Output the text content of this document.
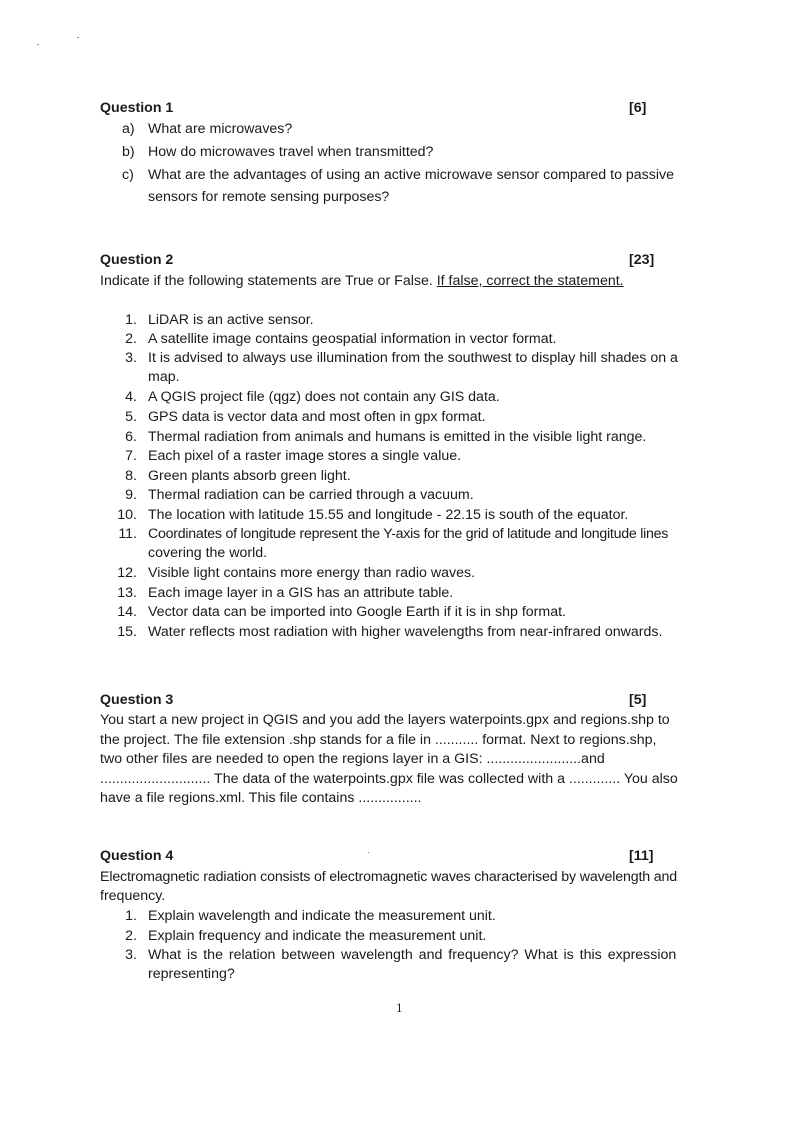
Question 1	[6]
a) What are microwaves?
b) How do microwaves travel when transmitted?
c) What are the advantages of using an active microwave sensor compared to passive
sensors for remote sensing purposes?
Question 2	[23]
Indicate if the following statements are True or False. If false, correct the statement.
1. LiDAR is an active sensor.
2. A satellite image contains geospatial information in vector format.
3. It is advised to always use illumination from the southwest to display hill shades on a
map.
4. A QGIS project file (qgz) does not contain any GIS data.
5. GPS data is vector data and most often in gpx format.
6. Thermal radiation from animals and humans is emitted in the visible light range.
7. Each pixel of a raster image stores a single value.
8. Green plants absorb green light.
9. Thermal radiation can be carried through a vacuum.
10. The location with latitude 15.55 and longitude - 22.15 is south of the equator.
11. Coordinates of longitude represent the Y-axis for the grid of latitude and longitude lines
covering the world.
12. Visible light contains more energy than radio waves.
13. Each image layer in a GIS has an attribute table.
14. Vector data can be imported into Google Earth if it is in shp format.
15. Water reflects most radiation with higher wavelengths from near-infrared onwards.
Question 3	[5]
You start a new project in QGIS and you add the layers waterpoints.gpx and regions.shp to
the project. The file extension .shp stands for a file in ........... format. Next to regions.shp,
two other files are needed to open the regions layer in a GIS: ........................and
............................ The data of the waterpoints.gpx file was collected with a ............. You also
have a file regions.xml. This file contains ................
Question 4	[11]
Electromagnetic radiation consists of electromagnetic waves characterised by wavelength and
frequency.
1. Explain wavelength and indicate the measurement unit.
2. Explain frequency and indicate the measurement unit.
3. What is the relation between wavelength and frequency? What is this expression
representing?
1
